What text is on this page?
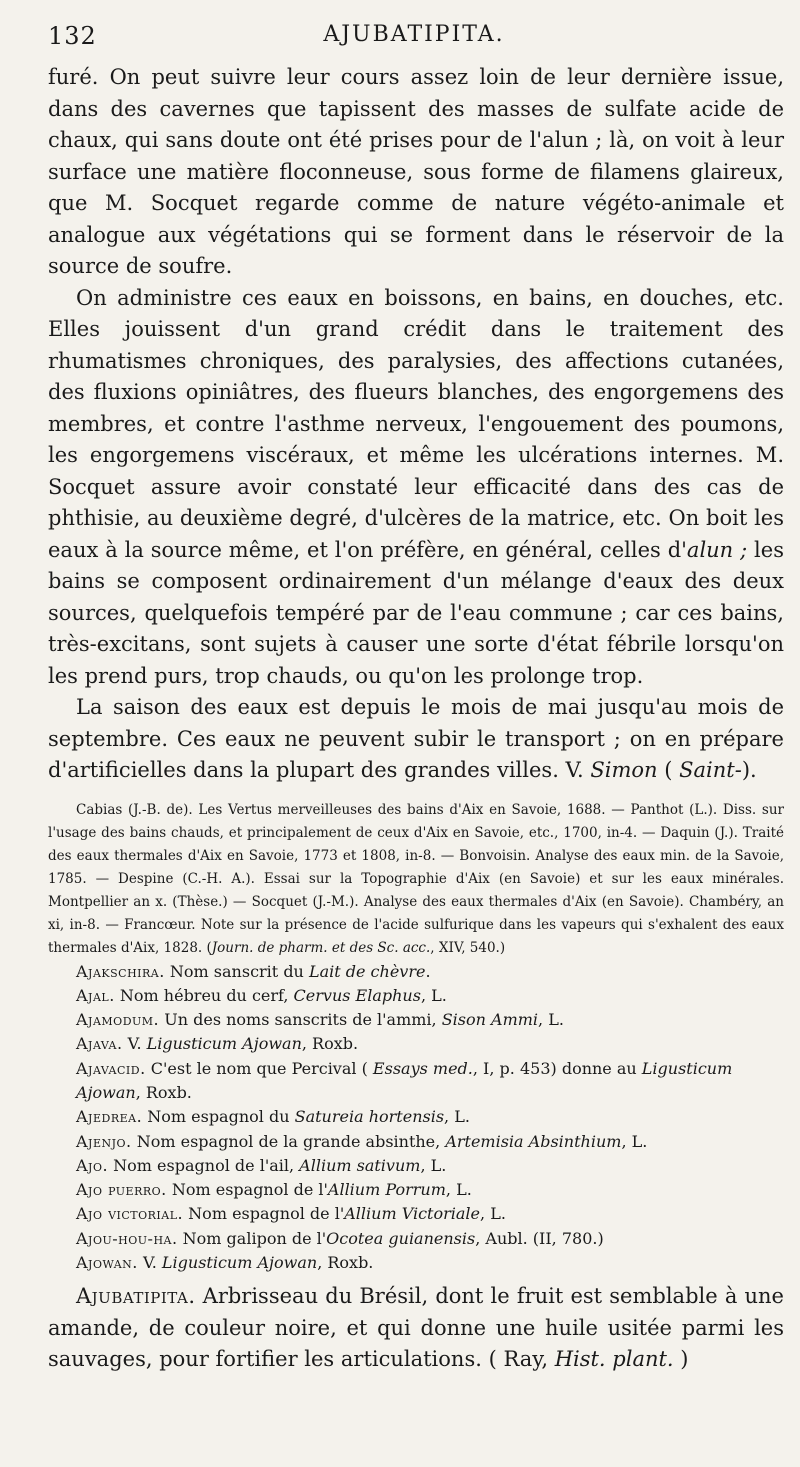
132	AJUBATIPITA.

furé. On peut suivre leur cours assez loin de leur dernière issue, dans des cavernes que tapissent des masses de sulfate acide de chaux, qui sans doute ont été prises pour de l'alun ; là, on voit à leur surface une matière floconneuse, sous forme de filamens glaireux, que M. Socquet regarde comme de nature végéto-animale et analogue aux végétations qui se forment dans le réservoir de la source de soufre.

On administre ces eaux en boissons, en bains, en douches, etc. Elles jouissent d'un grand crédit dans le traitement des rhumatismes chroniques, des paralysies, des affections cutanées, des fluxions opiniâtres, des flueurs blanches, des engorgemens des membres, et contre l'asthme nerveux, l'engouement des poumons, les engorgemens viscéraux, et même les ulcérations internes. M. Socquet assure avoir constaté leur efficacité dans des cas de phthisie, au deuxième degré, d'ulcères de la matrice, etc. On boit les eaux à la source même, et l'on préfère, en général, celles d'alun ; les bains se composent ordinairement d'un mélange d'eaux des deux sources, quelquefois tempéré par de l'eau commune ; car ces bains, très-excitans, sont sujets à causer une sorte d'état fébrile lorsqu'on les prend purs, trop chauds, ou qu'on les prolonge trop.

La saison des eaux est depuis le mois de mai jusqu'au mois de septembre. Ces eaux ne peuvent subir le transport ; on en prépare d'artificielles dans la plupart des grandes villes. V. Simon ( Saint-).

Cabias (J.-B. de). Les Vertus merveilleuses des bains d'Aix en Savoie, 1688. — Panthot (L.). Diss. sur l'usage des bains chauds, et principalement de ceux d'Aix en Savoie, etc., 1700, in-4. — Daquin (J.). Traité des eaux thermales d'Aix en Savoie, 1773 et 1808, in-8. — Bonvoisin. Analyse des eaux min. de la Savoie, 1785. — Despine (C.-H. A.). Essai sur la Topographie d'Aix (en Savoie) et sur les eaux minérales. Montpellier an x. (Thèse.) — Socquet (J.-M.). Analyse des eaux thermales d'Aix (en Savoie). Chambéry, an xi, in-8. — Francœur. Note sur la présence de l'acide sulfurique dans les vapeurs qui s'exhalent des eaux thermales d'Aix, 1828. (Journ. de pharm. et des Sc. acc., XIV, 540.)

Ajakschira. Nom sanscrit du Lait de chèvre.

Ajal. Nom hébreu du cerf, Cervus Elaphus, L.

Ajamodum. Un des noms sanscrits de l'ammi, Sison Ammi, L.

Ajava. V. Ligusticum Ajowan, Roxb.

Ajavacid. C'est le nom que Percival ( Essays med., I, p. 453) donne au Ligusticum Ajowan, Roxb.

Ajedrea. Nom espagnol du Satureia hortensis, L.

Ajenjo. Nom espagnol de la grande absinthe, Artemisia Absinthium, L.

Ajo. Nom espagnol de l'ail, Allium sativum, L.

Ajo puerro. Nom espagnol de l'Allium Porrum, L.

Ajo victorial. Nom espagnol de l'Allium Victoriale, L.

Ajou-hou-ha. Nom galipon de l'Ocotea guianensis, Aubl. (II, 780.)

Ajowan. V. Ligusticum Ajowan, Roxb.

Ajubatipita. Arbrisseau du Brésil, dont le fruit est semblable à une amande, de couleur noire, et qui donne une huile usitée parmi les sauvages, pour fortifier les articulations. ( Ray, Hist. plant. )
